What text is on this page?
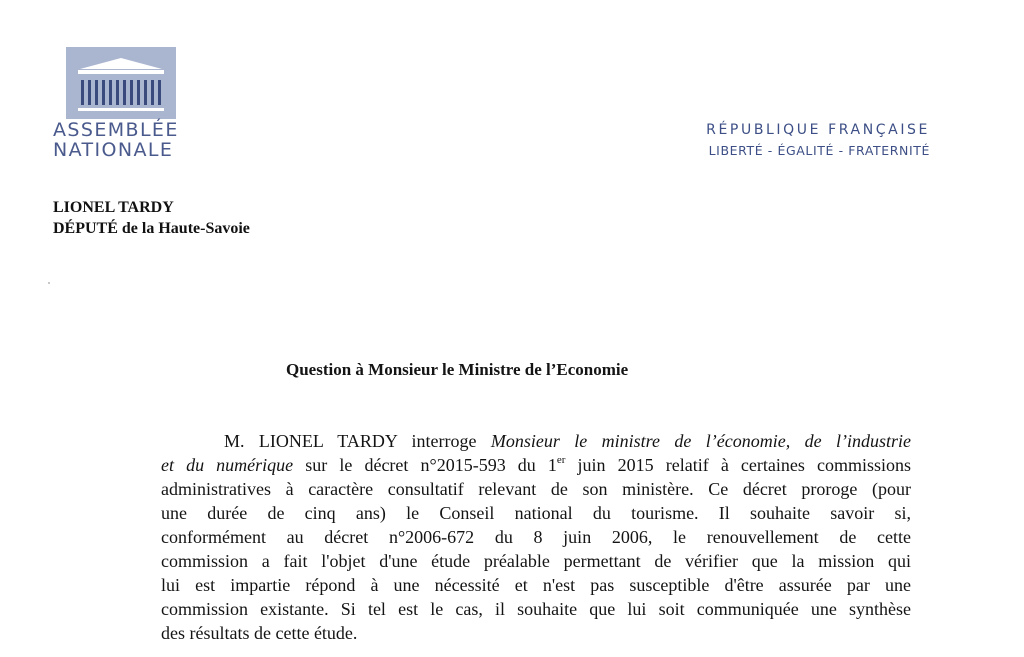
ASSEMBLÉE
NATIONALE
RÉPUBLIQUE FRANÇAISE
LIBERTÉ - ÉGALITÉ - FRATERNITÉ
LIONEL TARDY
DÉPUTÉ de la Haute-Savoie
Question à Monsieur le Ministre de l’Economie
M. LIONEL TARDY interroge Monsieur le ministre de l’économie, de l’industrie
et du numérique sur le décret n°2015-593 du 1er juin 2015 relatif à certaines commissions
administratives à caractère consultatif relevant de son ministère. Ce décret proroge (pour
une durée de cinq ans) le Conseil national du tourisme. Il souhaite savoir si,
conformément au décret n°2006-672 du 8 juin 2006, le renouvellement de cette
commission a fait l'objet d'une étude préalable permettant de vérifier que la mission qui
lui est impartie répond à une nécessité et n'est pas susceptible d'être assurée par une
commission existante. Si tel est le cas, il souhaite que lui soit communiquée une synthèse
des résultats de cette étude.
